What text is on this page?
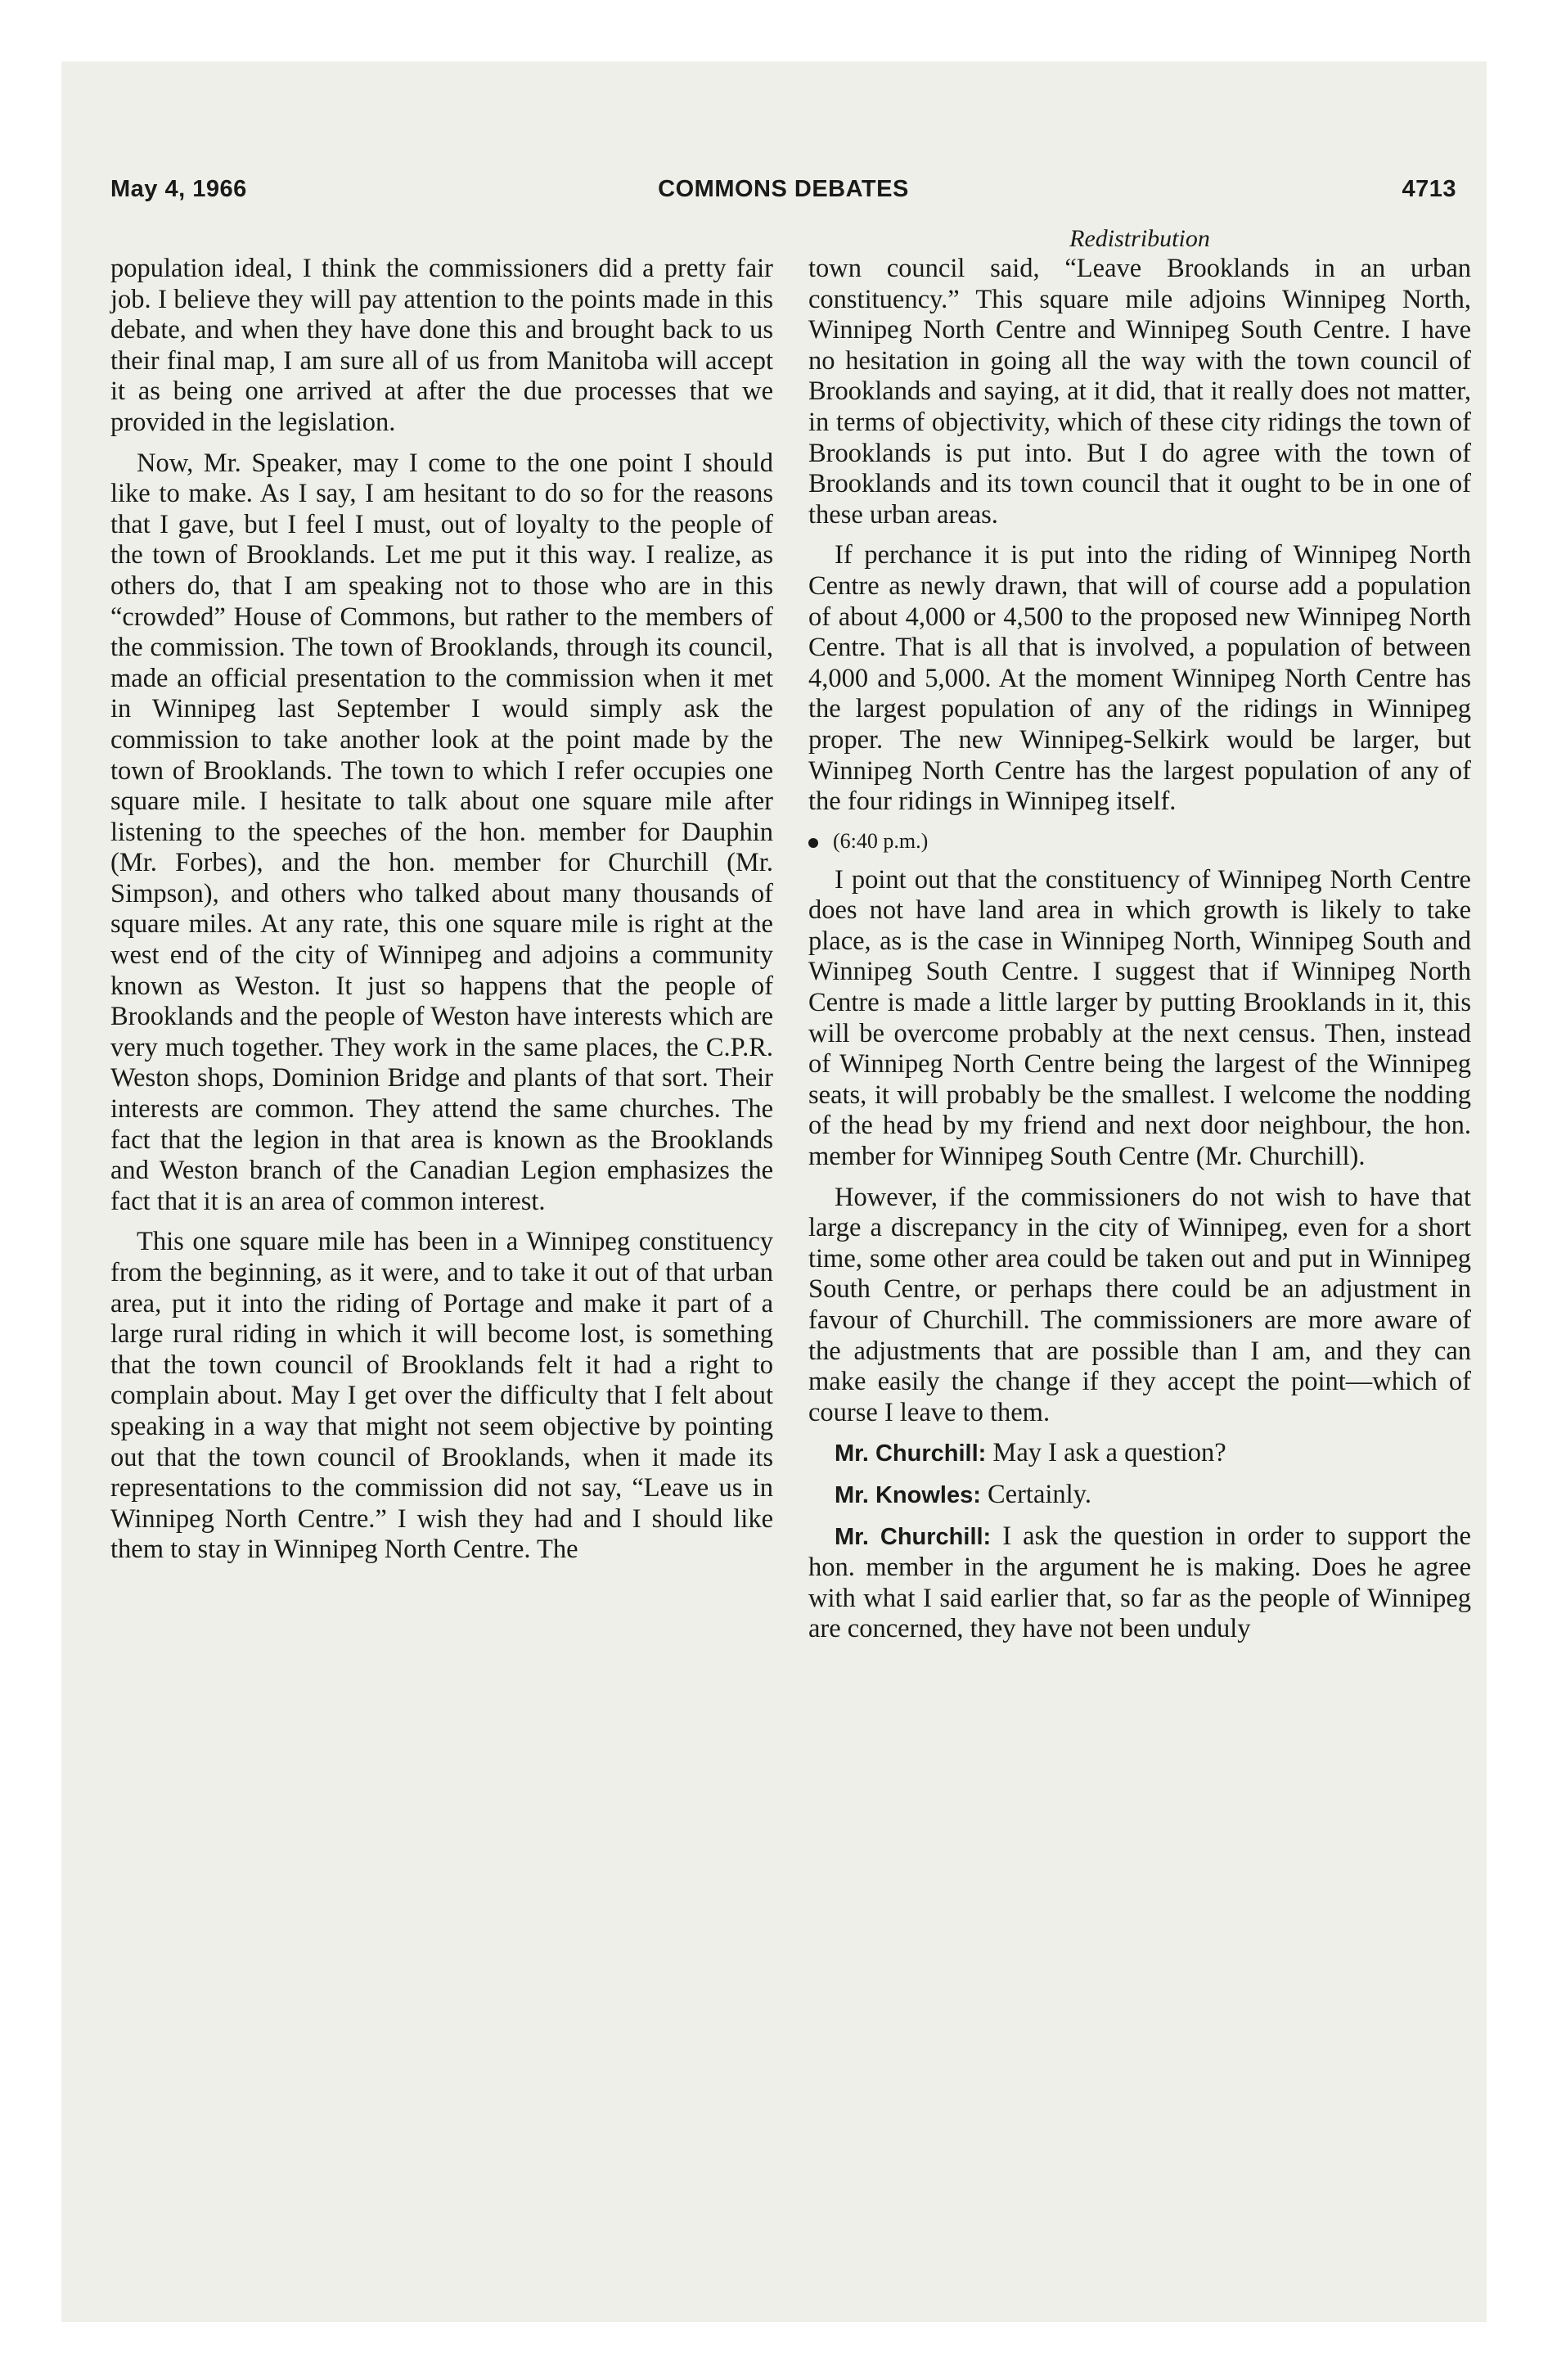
May 4, 1966	COMMONS DEBATES	4713

population ideal, I think the commissioners did a pretty fair job. I believe they will pay attention to the points made in this debate, and when they have done this and brought back to us their final map, I am sure all of us from Manitoba will accept it as being one arrived at after the due processes that we provided in the legislation.

Now, Mr. Speaker, may I come to the one point I should like to make. As I say, I am hesitant to do so for the reasons that I gave, but I feel I must, out of loyalty to the people of the town of Brooklands. Let me put it this way. I realize, as others do, that I am speaking not to those who are in this “crowded” House of Commons, but rather to the members of the commission. The town of Brooklands, through its council, made an official presentation to the commission when it met in Winnipeg last September I would simply ask the commission to take another look at the point made by the town of Brooklands. The town to which I refer occupies one square mile. I hesitate to talk about one square mile after listening to the speeches of the hon. member for Dauphin (Mr. Forbes), and the hon. member for Churchill (Mr. Simpson), and others who talked about many thousands of square miles. At any rate, this one square mile is right at the west end of the city of Winnipeg and adjoins a community known as Weston. It just so happens that the people of Brooklands and the people of Weston have interests which are very much together. They work in the same places, the C.P.R. Weston shops, Dominion Bridge and plants of that sort. Their interests are common. They attend the same churches. The fact that the legion in that area is known as the Brooklands and Weston branch of the Canadian Legion emphasizes the fact that it is an area of common interest.

This one square mile has been in a Winnipeg constituency from the beginning, as it were, and to take it out of that urban area, put it into the riding of Portage and make it part of a large rural riding in which it will become lost, is something that the town council of Brooklands felt it had a right to complain about. May I get over the difficulty that I felt about speaking in a way that might not seem objective by pointing out that the town council of Brooklands, when it made its representations to the commission did not say, “Leave us in Winnipeg North Centre.” I wish they had and I should like them to stay in Winnipeg North Centre. The

Redistribution

town council said, “Leave Brooklands in an urban constituency.” This square mile adjoins Winnipeg North, Winnipeg North Centre and Winnipeg South Centre. I have no hesitation in going all the way with the town council of Brooklands and saying, at it did, that it really does not matter, in terms of objectivity, which of these city ridings the town of Brooklands is put into. But I do agree with the town of Brooklands and its town council that it ought to be in one of these urban areas.

If perchance it is put into the riding of Winnipeg North Centre as newly drawn, that will of course add a population of about 4,000 or 4,500 to the proposed new Winnipeg North Centre. That is all that is involved, a population of between 4,000 and 5,000. At the moment Winnipeg North Centre has the largest population of any of the ridings in Winnipeg proper. The new Winnipeg-Selkirk would be larger, but Winnipeg North Centre has the largest population of any of the four ridings in Winnipeg itself.

(6:40 p.m.)

I point out that the constituency of Winnipeg North Centre does not have land area in which growth is likely to take place, as is the case in Winnipeg North, Winnipeg South and Winnipeg South Centre. I suggest that if Winnipeg North Centre is made a little larger by putting Brooklands in it, this will be overcome probably at the next census. Then, instead of Winnipeg North Centre being the largest of the Winnipeg seats, it will probably be the smallest. I welcome the nodding of the head by my friend and next door neighbour, the hon. member for Winnipeg South Centre (Mr. Churchill).

However, if the commissioners do not wish to have that large a discrepancy in the city of Winnipeg, even for a short time, some other area could be taken out and put in Winnipeg South Centre, or perhaps there could be an adjustment in favour of Churchill. The commissioners are more aware of the adjustments that are possible than I am, and they can make easily the change if they accept the point—which of course I leave to them.

Mr. Churchill: May I ask a question?

Mr. Knowles: Certainly.

Mr. Churchill: I ask the question in order to support the hon. member in the argument he is making. Does he agree with what I said earlier that, so far as the people of Winnipeg are concerned, they have not been unduly
